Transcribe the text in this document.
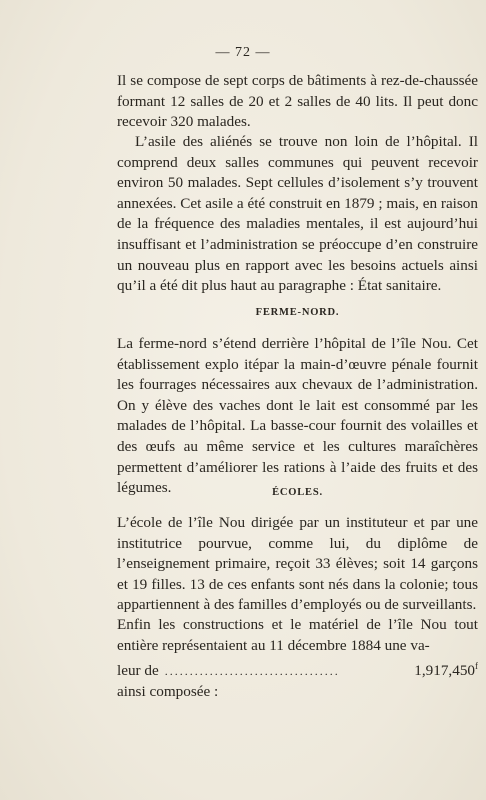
— 72 —

Il se compose de sept corps de bâtiments à rez-de-chaussée formant 12 salles de 20 et 2 salles de 40 lits. Il peut donc recevoir 320 malades.

L’asile des aliénés se trouve non loin de l’hôpital. Il comprend deux salles communes qui peuvent recevoir environ 50 malades. Sept cellules d’isolement s’y trouvent annexées. Cet asile a été construit en 1879 ; mais, en raison de la fréquence des maladies mentales, il est aujourd’hui insuffisant et l’administration se préoccupe d’en construire un nouveau plus en rapport avec les besoins actuels ainsi qu’il a été dit plus haut au paragraphe : État sanitaire.

FERME-NORD.

La ferme-nord s’étend derrière l’hôpital de l’île Nou. Cet établissement explo itépar la main-d’œuvre pénale fournit les fourrages nécessaires aux chevaux de l’administration. On y élève des vaches dont le lait est consommé par les malades de l’hôpital. La basse-cour fournit des volailles et des œufs au même service et les cultures maraîchères permettent d’améliorer les rations à l’aide des fruits et des légumes.	ÉCOLES.

L’école de l’île Nou dirigée par un instituteur et par une institutrice pourvue, comme lui, du diplôme de l’enseignement primaire, reçoit 33 élèves; soit 14 garçons et 19 filles. 13 de ces enfants sont nés dans la colonie; tous appartiennent à des familles d’employés ou de surveillants.

Enfin les constructions et le matériel de l’île Nou tout entière représentaient au 11 décembre 1884 une va-

leur de ...................................	1,917,450$^f$

ainsi composée :
